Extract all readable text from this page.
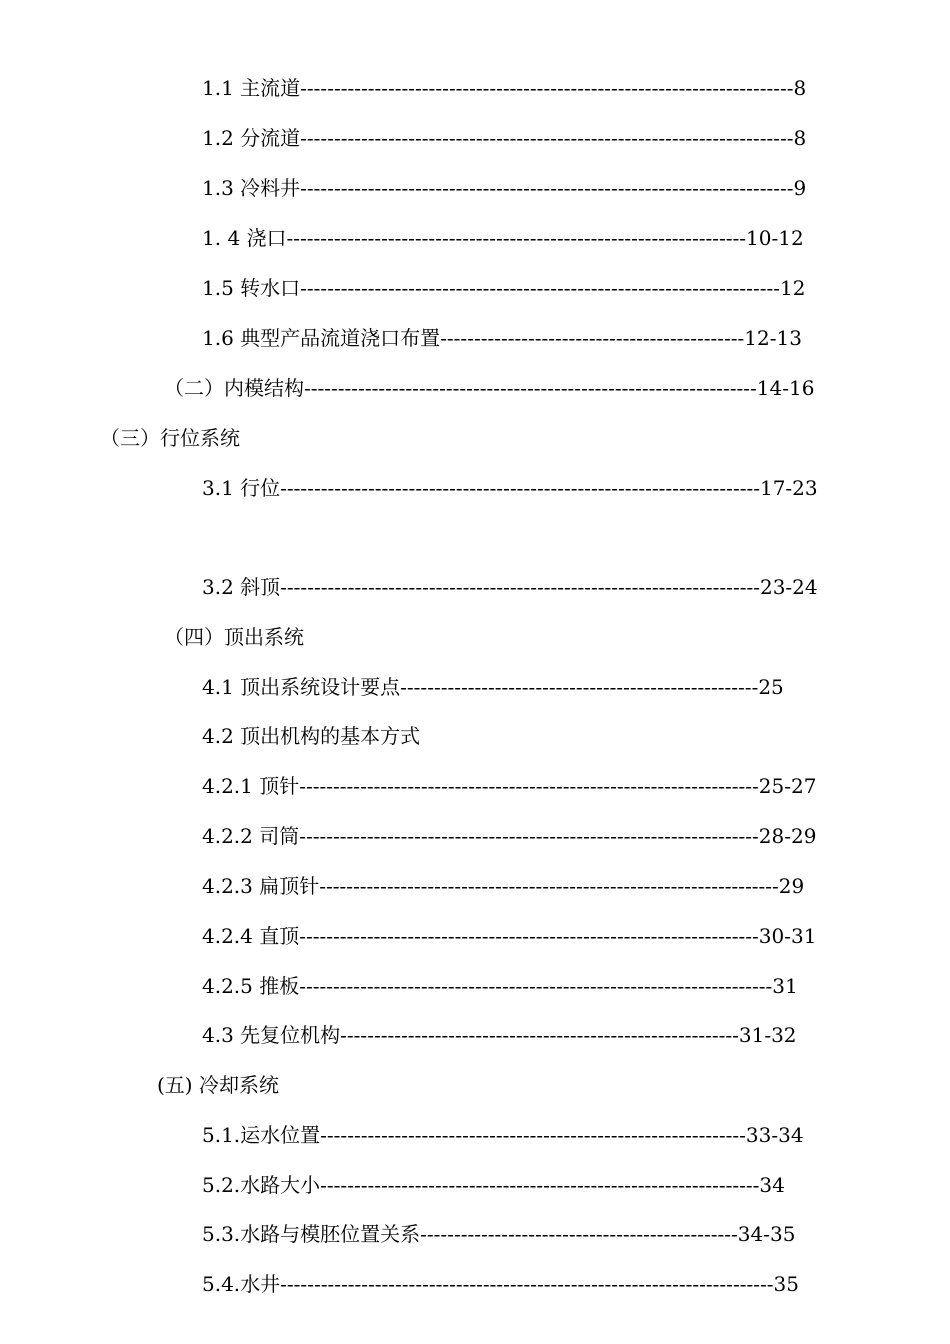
1.1 主流道-------------------------------------------------------------------------8
1.2 分流道-------------------------------------------------------------------------8
1.3 冷料井-------------------------------------------------------------------------9
1. 4 浇口--------------------------------------------------------------------10-12
1.5 转水口-----------------------------------------------------------------------12
1.6 典型产品流道浇口布置---------------------------------------------12-13
（二）内模结构-------------------------------------------------------------------14-16
（三）行位系统
3.1 行位-----------------------------------------------------------------------17-23
3.2 斜顶-----------------------------------------------------------------------23-24
（四）顶出系统
4.1 顶出系统设计要点-----------------------------------------------------25
4.2 顶出机构的基本方式
4.2.1 顶针--------------------------------------------------------------------25-27
4.2.2 司筒--------------------------------------------------------------------28-29
4.2.3 扁顶针--------------------------------------------------------------------29
4.2.4 直顶--------------------------------------------------------------------30-31
4.2.5 推板----------------------------------------------------------------------31
4.3 先复位机构-----------------------------------------------------------31-32
(五) 冷却系统
5.1.运水位置---------------------------------------------------------------33-34
5.2.水路大小-----------------------------------------------------------------34
5.3.水路与模胚位置关系-----------------------------------------------34-35
5.4.水井-------------------------------------------------------------------------35
